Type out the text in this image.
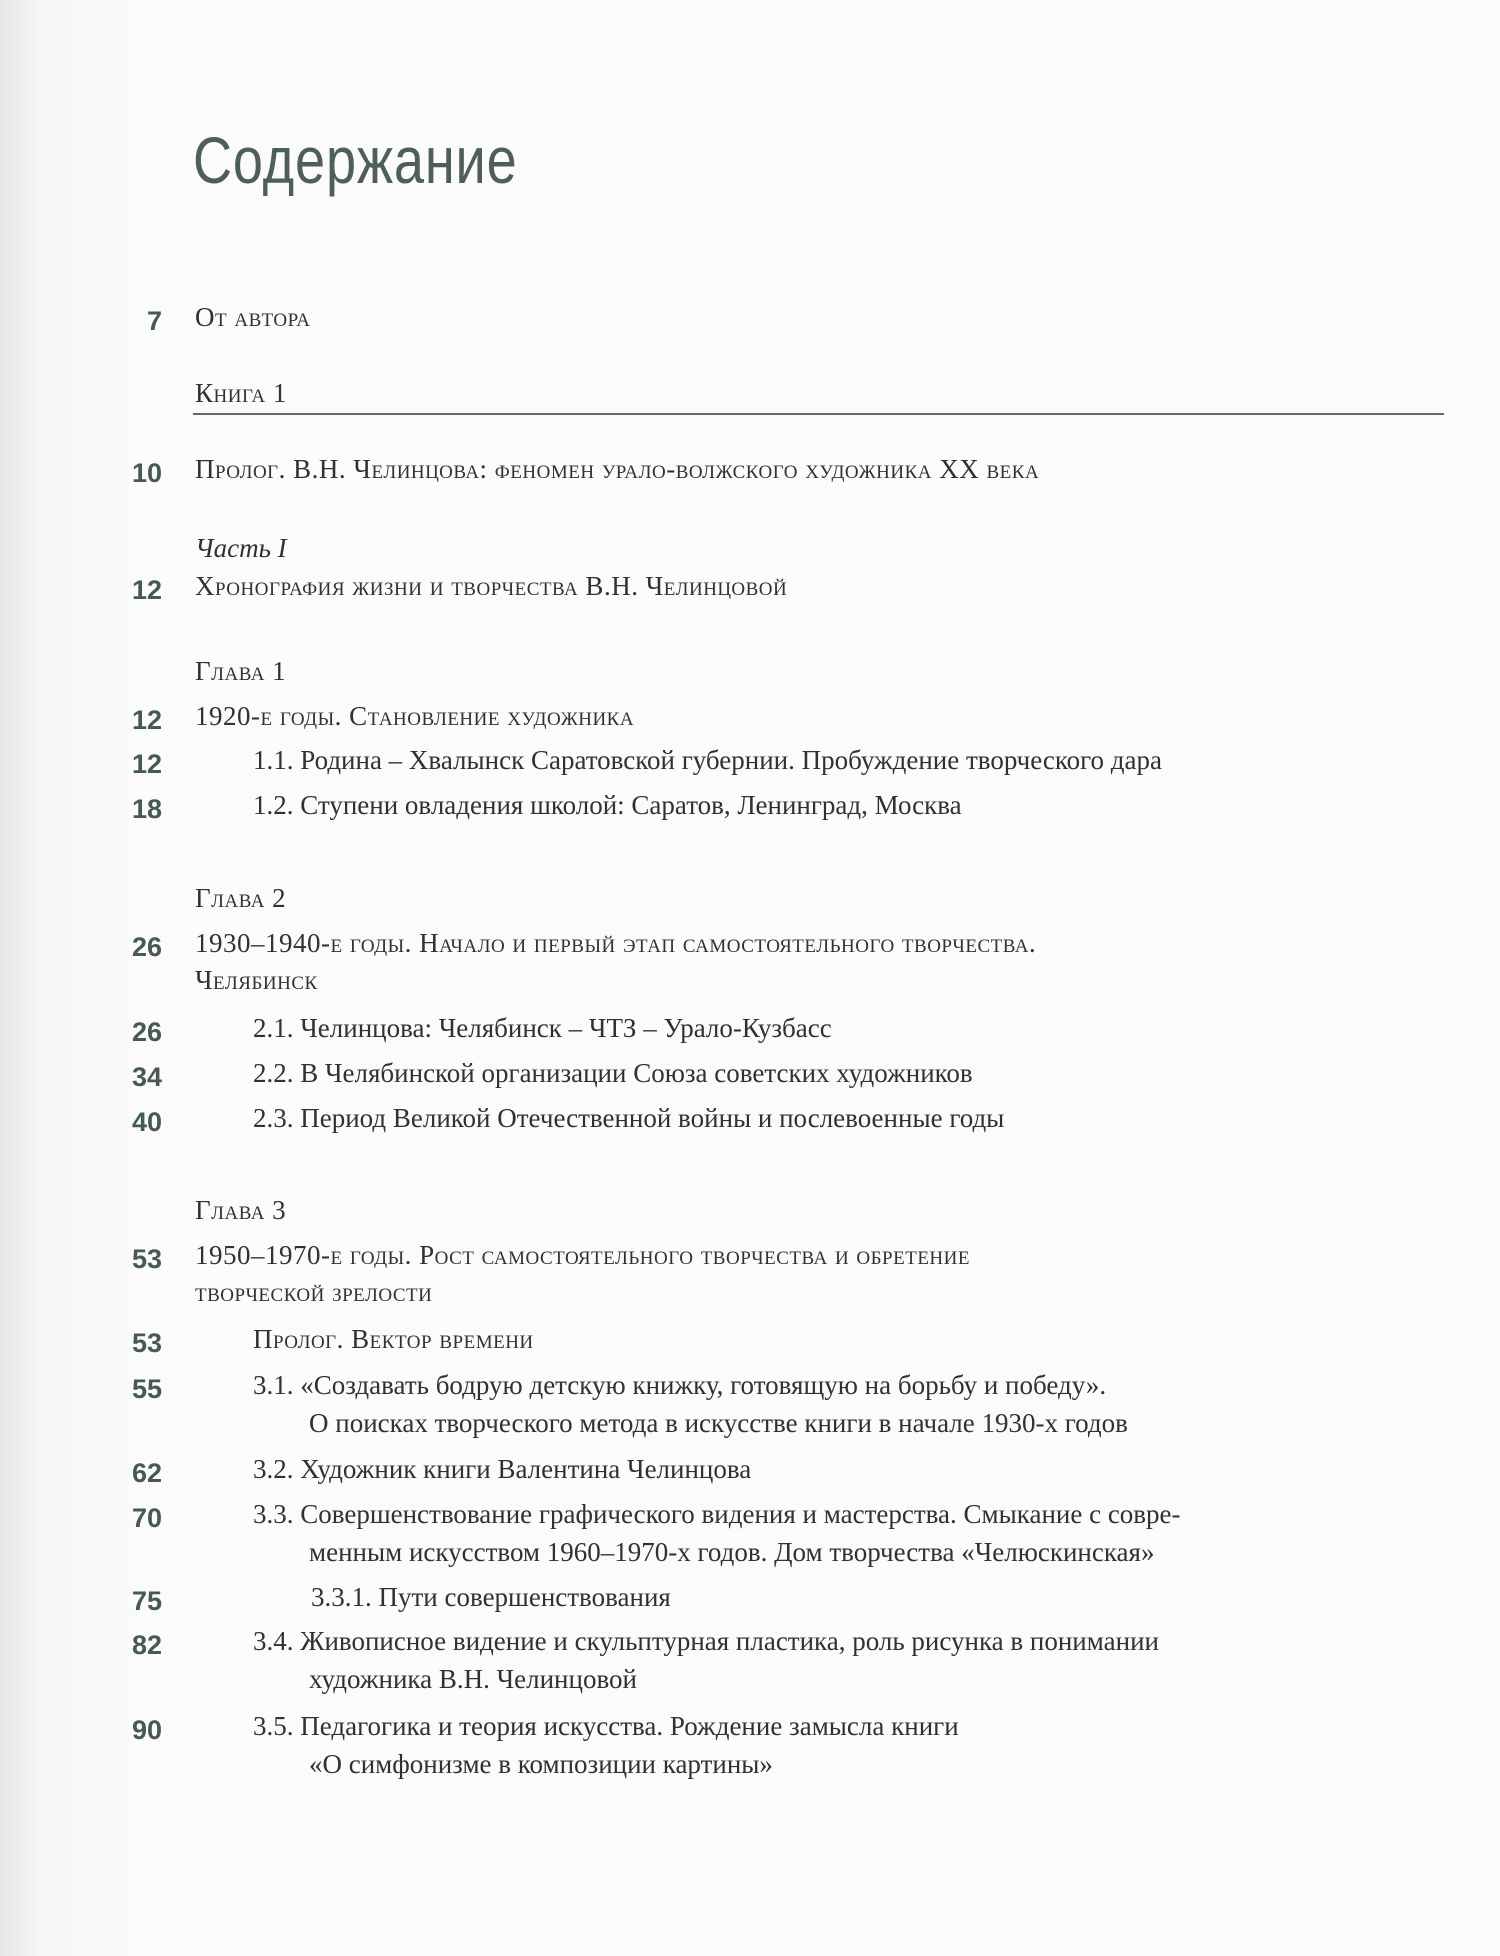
Содержание
7 От автора
Книга 1
10 Пролог. В.Н. Челинцова: феномен урало-волжского художника XX века
Часть I
12 Хронография жизни и творчества В.Н. Челинцовой
Глава 1
12 1920-е годы. Становление художника
12	1.1. Родина – Хвалынск Саратовской губернии. Пробуждение творческого дара
18	1.2. Ступени овладения школой: Саратов, Ленинград, Москва
Глава 2
26 1930–1940-е годы. Начало и первый этап самостоятельного творчества.
Челябинск
26	2.1. Челинцова: Челябинск – ЧТЗ – Урало-Кузбасс
34	2.2. В Челябинской организации Союза советских художников
40	2.3. Период Великой Отечественной войны и послевоенные годы
Глава 3
53 1950–1970-е годы. Рост самостоятельного творчества и обретение
творческой зрелости
53	Пролог. Вектор времени
55	3.1. «Создавать бодрую детскую книжку, готовящую на борьбу и победу».
О поисках творческого метода в искусстве книги в начале 1930-х годов
62	3.2. Художник книги Валентина Челинцова
70	3.3. Совершенствование графического видения и мастерства. Смыкание с совре-
менным искусством 1960–1970-х годов. Дом творчества «Челюскинская»
75	3.3.1. Пути совершенствования
82	3.4. Живописное видение и скульптурная пластика, роль рисунка в понимании
художника В.Н. Челинцовой
90	3.5. Педагогика и теория искусства. Рождение замысла книги
«О симфонизме в композиции картины»
